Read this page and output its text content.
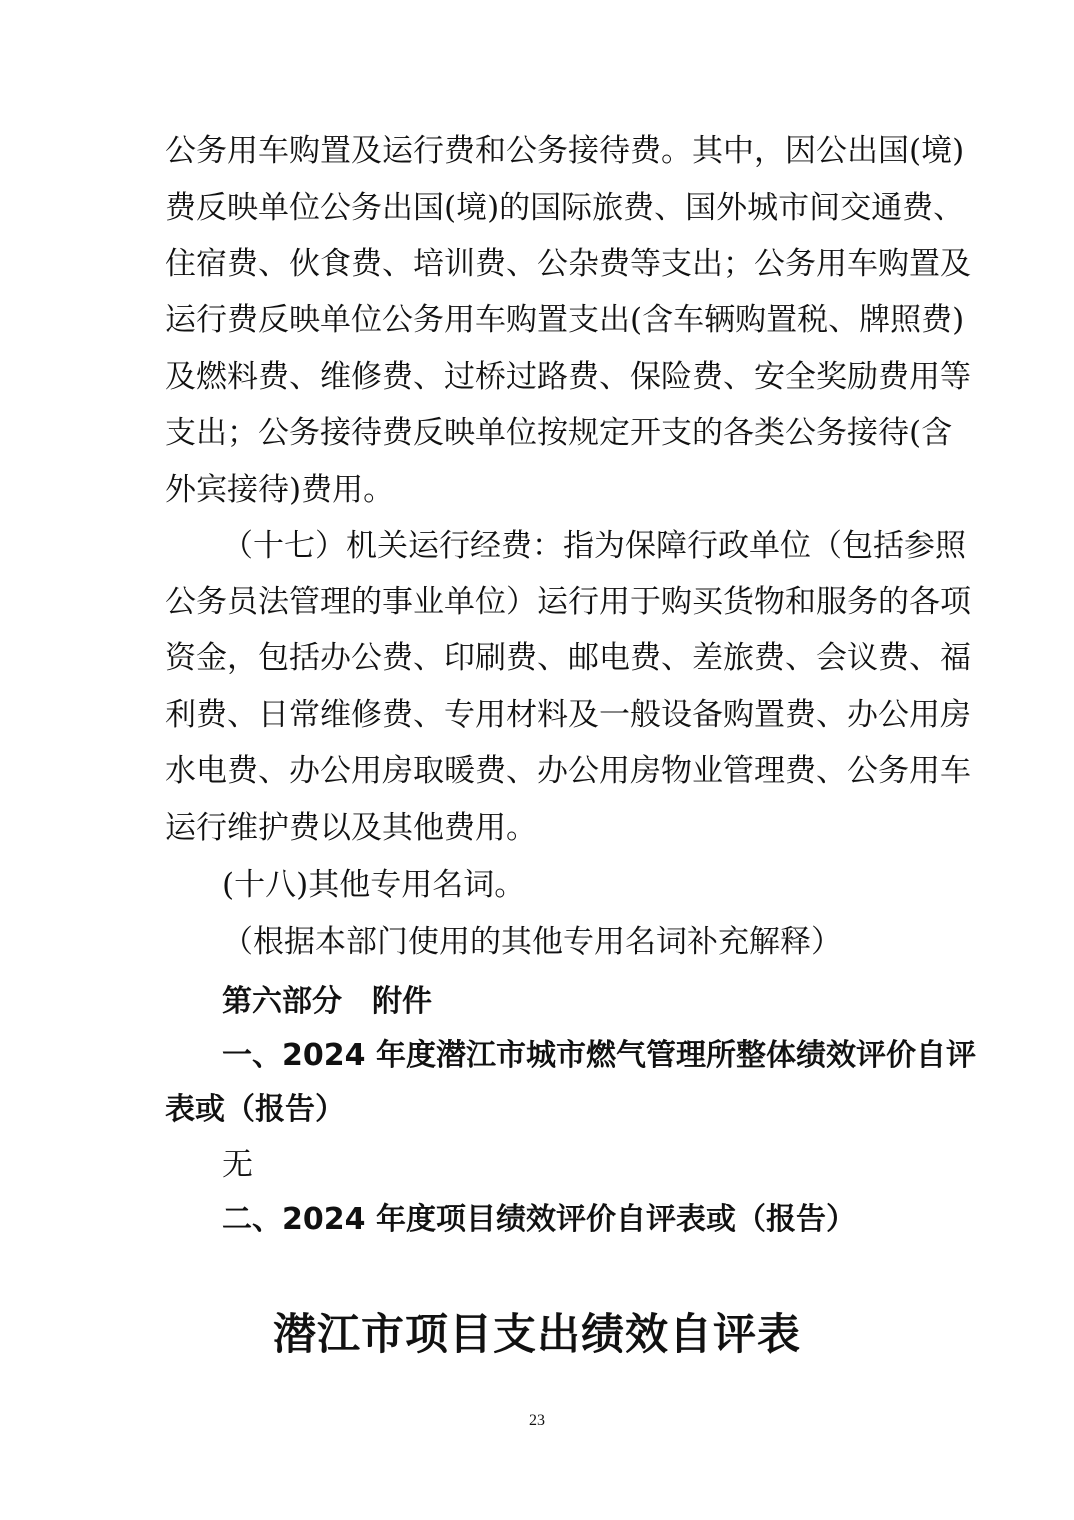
公务用车购置及运行费和公务接待费。其中，因公出国(境)
费反映单位公务出国(境)的国际旅费、国外城市间交通费、
住宿费、伙食费、培训费、公杂费等支出；公务用车购置及
运行费反映单位公务用车购置支出(含车辆购置税、牌照费)
及燃料费、维修费、过桥过路费、保险费、安全奖励费用等
支出；公务接待费反映单位按规定开支的各类公务接待(含
外宾接待)费用。
（十七）机关运行经费：指为保障行政单位（包括参照
公务员法管理的事业单位）运行用于购买货物和服务的各项
资金，包括办公费、印刷费、邮电费、差旅费、会议费、福
利费、日常维修费、专用材料及一般设备购置费、办公用房
水电费、办公用房取暖费、办公用房物业管理费、公务用车
运行维护费以及其他费用。
(十八)其他专用名词。
（根据本部门使用的其他专用名词补充解释）
第六部分　附件
一、2024 年度潜江市城市燃气管理所整体绩效评价自评
表或（报告）
无
二、2024 年度项目绩效评价自评表或（报告）
潜江市项目支出绩效自评表
23
